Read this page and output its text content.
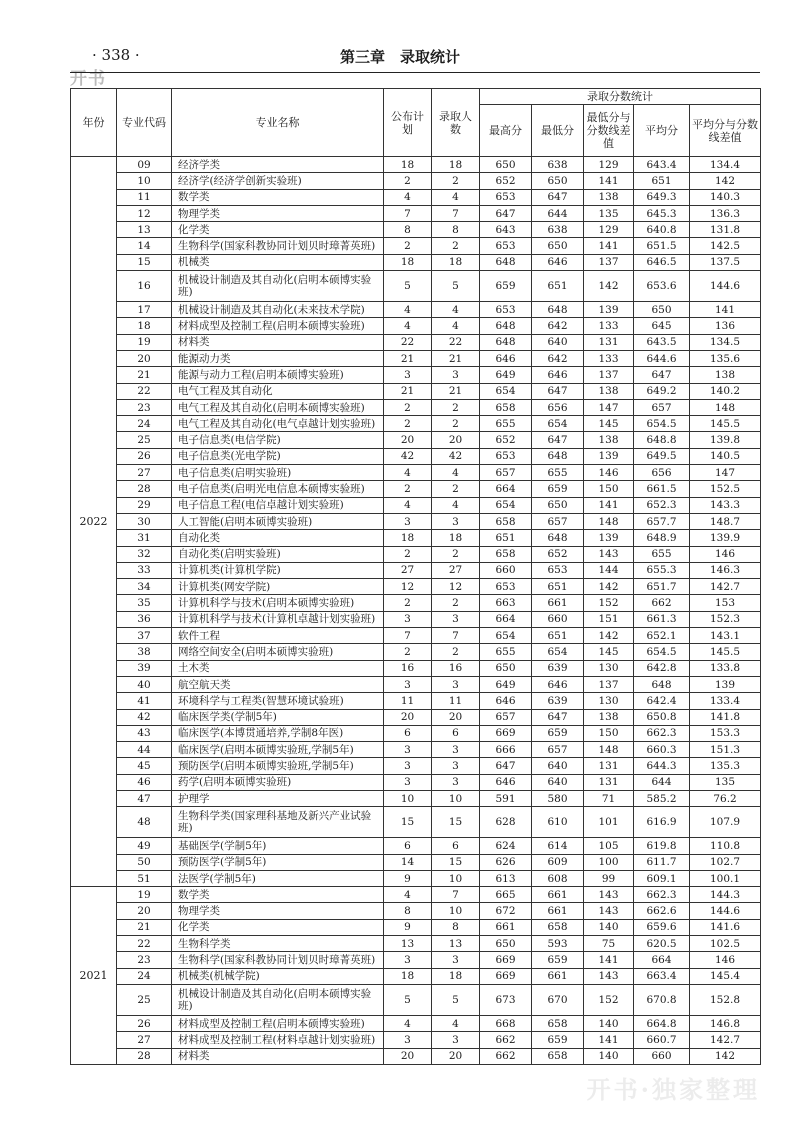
· 338 ·	第三章　录取统计
开书
年份	专业代码	专业名称	公布计划	录取人数	录取分数统计				
					最高分	最低分	最低分与分数线差值	平均分	平均分与分数线差值
2022	09	经济学类	18	18	650	638	129	643.4	134.4
	10	经济学(经济学创新实验班)	2	2	652	650	141	651	142
	11	数学类	4	4	653	647	138	649.3	140.3
	12	物理学类	7	7	647	644	135	645.3	136.3
	13	化学类	8	8	643	638	129	640.8	131.8
	14	生物科学(国家科教协同计划贝时璋菁英班)	2	2	653	650	141	651.5	142.5
	15	机械类	18	18	648	646	137	646.5	137.5
	16	机械设计制造及其自动化(启明本硕博实验班)	5	5	659	651	142	653.6	144.6
	17	机械设计制造及其自动化(未来技术学院)	4	4	653	648	139	650	141
	18	材料成型及控制工程(启明本硕博实验班)	4	4	648	642	133	645	136
	19	材料类	22	22	648	640	131	643.5	134.5
	20	能源动力类	21	21	646	642	133	644.6	135.6
	21	能源与动力工程(启明本硕博实验班)	3	3	649	646	137	647	138
	22	电气工程及其自动化	21	21	654	647	138	649.2	140.2
	23	电气工程及其自动化(启明本硕博实验班)	2	2	658	656	147	657	148
	24	电气工程及其自动化(电气卓越计划实验班)	2	2	655	654	145	654.5	145.5
	25	电子信息类(电信学院)	20	20	652	647	138	648.8	139.8
	26	电子信息类(光电学院)	42	42	653	648	139	649.5	140.5
	27	电子信息类(启明实验班)	4	4	657	655	146	656	147
	28	电子信息类(启明光电信息本硕博实验班)	2	2	664	659	150	661.5	152.5
	29	电子信息工程(电信卓越计划实验班)	4	4	654	650	141	652.3	143.3
	30	人工智能(启明本硕博实验班)	3	3	658	657	148	657.7	148.7
	31	自动化类	18	18	651	648	139	648.9	139.9
	32	自动化类(启明实验班)	2	2	658	652	143	655	146
	33	计算机类(计算机学院)	27	27	660	653	144	655.3	146.3
	34	计算机类(网安学院)	12	12	653	651	142	651.7	142.7
	35	计算机科学与技术(启明本硕博实验班)	2	2	663	661	152	662	153
	36	计算机科学与技术(计算机卓越计划实验班)	3	3	664	660	151	661.3	152.3
	37	软件工程	7	7	654	651	142	652.1	143.1
	38	网络空间安全(启明本硕博实验班)	2	2	655	654	145	654.5	145.5
	39	土木类	16	16	650	639	130	642.8	133.8
	40	航空航天类	3	3	649	646	137	648	139
	41	环境科学与工程类(智慧环境试验班)	11	11	646	639	130	642.4	133.4
	42	临床医学类(学制5年)	20	20	657	647	138	650.8	141.8
	43	临床医学(本博贯通培养,学制8年医)	6	6	669	659	150	662.3	153.3
	44	临床医学(启明本硕博实验班,学制5年)	3	3	666	657	148	660.3	151.3
	45	预防医学(启明本硕博实验班,学制5年)	3	3	647	640	131	644.3	135.3
	46	药学(启明本硕博实验班)	3	3	646	640	131	644	135
	47	护理学	10	10	591	580	71	585.2	76.2
	48	生物科学类(国家理科基地及新兴产业试验班)	15	15	628	610	101	616.9	107.9
	49	基础医学(学制5年)	6	6	624	614	105	619.8	110.8
	50	预防医学(学制5年)	14	15	626	609	100	611.7	102.7
	51	法医学(学制5年)	9	10	613	608	99	609.1	100.1
2021	19	数学类	4	7	665	661	143	662.3	144.3
	20	物理学类	8	10	672	661	143	662.6	144.6
	21	化学类	9	8	661	658	140	659.6	141.6
	22	生物科学类	13	13	650	593	75	620.5	102.5
	23	生物科学(国家科教协同计划贝时璋菁英班)	3	3	669	659	141	664	146
	24	机械类(机械学院)	18	18	669	661	143	663.4	145.4
	25	机械设计制造及其自动化(启明本硕博实验班)	5	5	673	670	152	670.8	152.8
	26	材料成型及控制工程(启明本硕博实验班)	4	4	668	658	140	664.8	146.8
	27	材料成型及控制工程(材料卓越计划实验班)	3	3	662	659	141	660.7	142.7
	28	材料类	20	20	662	658	140	660	142
开书·独家整理
